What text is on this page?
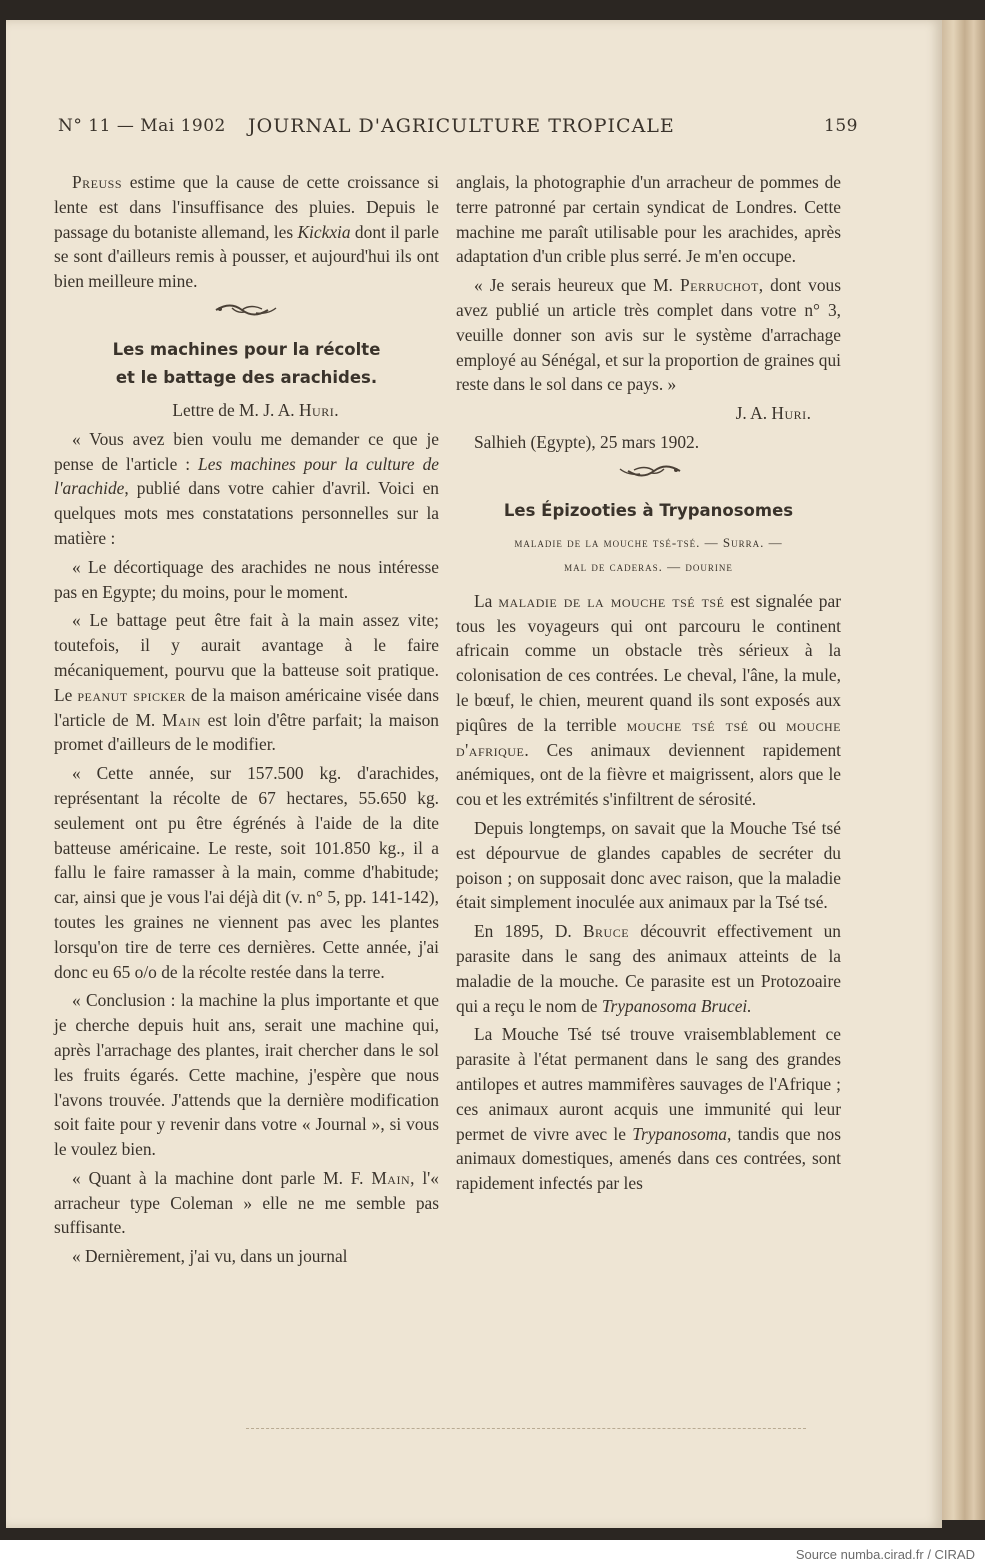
N° 11 — Mai 1902 JOURNAL D'AGRICULTURE TROPICALE	159

Preuss estime que la cause de cette croissance si lente est dans l'insuffisance des pluies. Depuis le passage du botaniste allemand, les Kickxia dont il parle se sont d'ailleurs remis à pousser, et aujourd'hui ils ont bien meilleure mine.

Les machines pour la récolte
et le battage des arachides.

Lettre de M. J. A. Huri.

« Vous avez bien voulu me demander ce que je pense de l'article : Les machines pour la culture de l'arachide, publié dans votre cahier d'avril. Voici en quelques mots mes constatations personnelles sur la matière :

« Le décortiquage des arachides ne nous intéresse pas en Egypte; du moins, pour le moment.

« Le battage peut être fait à la main assez vite; toutefois, il y aurait avantage à le faire mécaniquement, pourvu que la batteuse soit pratique. Le peanut spicker de la maison américaine visée dans l'article de M. Main est loin d'être parfait; la maison promet d'ailleurs de le modifier.

« Cette année, sur 157.500 kg. d'arachides, représentant la récolte de 67 hectares, 55.650 kg. seulement ont pu être égrénés à l'aide de la dite batteuse américaine. Le reste, soit 101.850 kg., il a fallu le faire ramasser à la main, comme d'habitude; car, ainsi que je vous l'ai déjà dit (v. n° 5, pp. 141-142), toutes les graines ne viennent pas avec les plantes lorsqu'on tire de terre ces dernières. Cette année, j'ai donc eu 65 o/o de la récolte restée dans la terre.

« Conclusion : la machine la plus importante et que je cherche depuis huit ans, serait une machine qui, après l'arrachage des plantes, irait chercher dans le sol les fruits égarés. Cette machine, j'espère que nous l'avons trouvée. J'attends que la dernière modification soit faite pour y revenir dans votre « Journal », si vous le voulez bien.

« Quant à la machine dont parle M. F. Main, l'« arracheur type Coleman » elle ne me semble pas suffisante.

« Dernièrement, j'ai vu, dans un journal

anglais, la photographie d'un arracheur de pommes de terre patronné par certain syndicat de Londres. Cette machine me paraît utilisable pour les arachides, après adaptation d'un crible plus serré. Je m'en occupe.

« Je serais heureux que M. Perruchot, dont vous avez publié un article très complet dans votre n° 3, veuille donner son avis sur le système d'arrachage employé au Sénégal, et sur la proportion de graines qui reste dans le sol dans ce pays. »

J. A. Huri.

Salhieh (Egypte), 25 mars 1902.

Les Épizooties à Trypanosomes
maladie de la mouche tsé-tsé. — Surra. —
mal de caderas. — dourine

La maladie de la mouche tsé tsé est signalée par tous les voyageurs qui ont parcouru le continent africain comme un obstacle très sérieux à la colonisation de ces contrées. Le cheval, l'âne, la mule, le bœuf, le chien, meurent quand ils sont exposés aux piqûres de la terrible mouche tsé tsé ou mouche d'afrique. Ces animaux deviennent rapidement anémiques, ont de la fièvre et maigrissent, alors que le cou et les extrémités s'infiltrent de sérosité.

Depuis longtemps, on savait que la Mouche Tsé tsé est dépourvue de glandes capables de secréter du poison ; on supposait donc avec raison, que la maladie était simplement inoculée aux animaux par la Tsé tsé.

En 1895, D. Bruce découvrit effectivement un parasite dans le sang des animaux atteints de la maladie de la mouche. Ce parasite est un Protozoaire qui a reçu le nom de Trypanosoma Brucei.

La Mouche Tsé tsé trouve vraisemblablement ce parasite à l'état permanent dans le sang des grandes antilopes et autres mammifères sauvages de l'Afrique ; ces animaux auront acquis une immunité qui leur permet de vivre avec le Trypanosoma, tandis que nos animaux domestiques, amenés dans ces contrées, sont rapidement infectés par les

Source numba.cirad.fr / CIRAD
